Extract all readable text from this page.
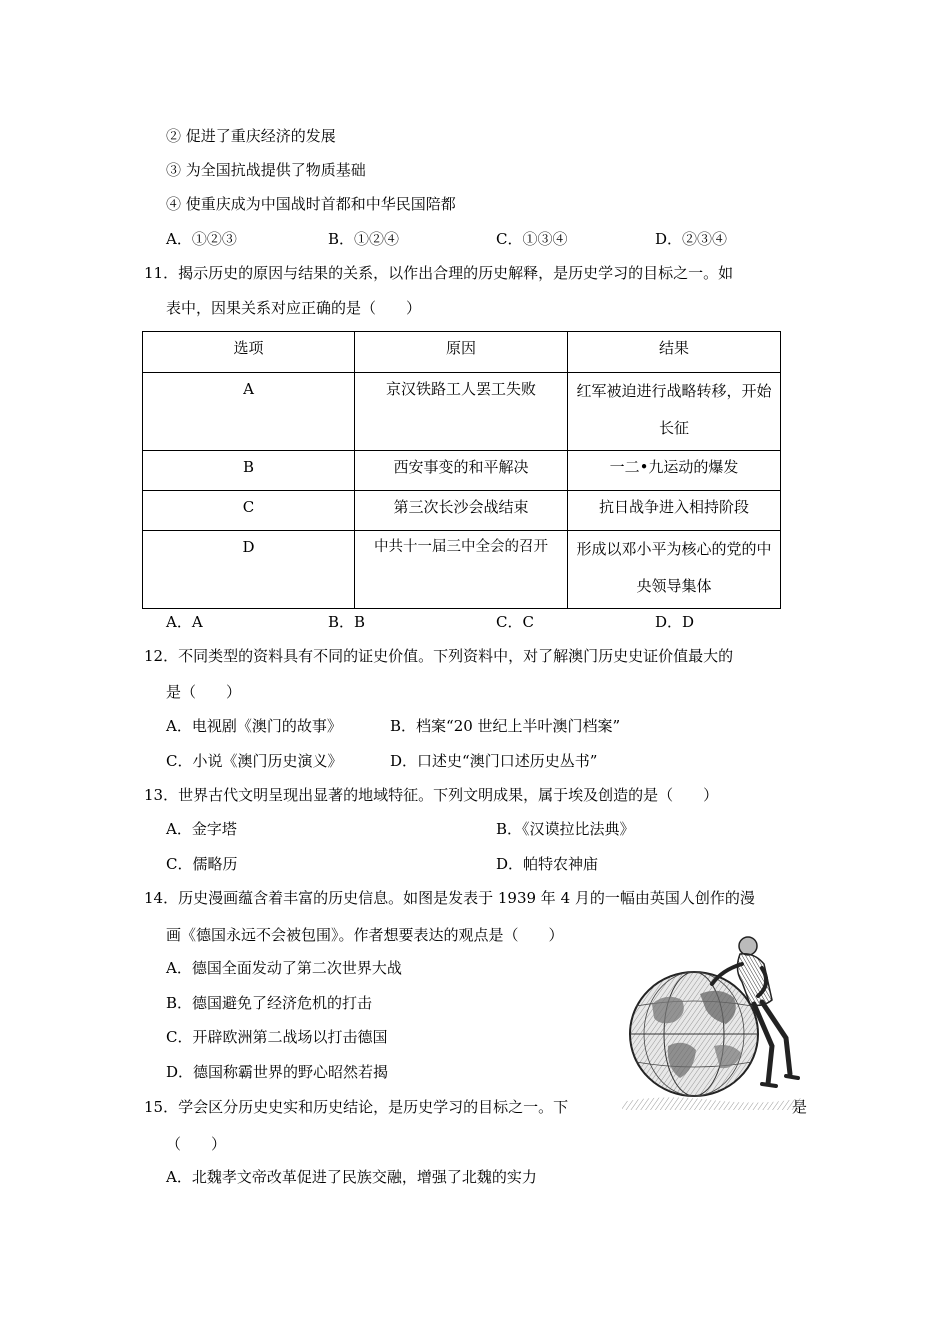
② 促进了重庆经济的发展
③ 为全国抗战提供了物质基础
④ 使重庆成为中国战时首都和中华民国陪都
A．①②③	B．①②④	C．①③④	D．②③④
11．揭示历史的原因与结果的关系，以作出合理的历史解释，是历史学习的目标之一。如
表中，因果关系对应正确的是（　　）
选项	原因	结果
A	京汉铁路工人罢工失败	红军被迫进行战略转移，开始长征
B	西安事变的和平解决	一二•九运动的爆发
C	第三次长沙会战结束	抗日战争进入相持阶段
D	中共十一届三中全会的召开	形成以邓小平为核心的党的中央领导集体
A．A	B．B	C．C	D．D
12．不同类型的资料具有不同的证史价值。下列资料中，对了解澳门历史史证价值最大的
是（　　）
A．电视剧《澳门的故事》	B．档案“20 世纪上半叶澳门档案”
C．小说《澳门历史演义》	D．口述史“澳门口述历史丛书”
13．世界古代文明呈现出显著的地域特征。下列文明成果，属于埃及创造的是（　　）
A．金字塔	B．《汉谟拉比法典》
C．儒略历	D．帕特农神庙
14．历史漫画蕴含着丰富的历史信息。如图是发表于 1939 年 4 月的一幅由英国人创作的漫
画《德国永远不会被包围》。作者想要表达的观点是（　　）
A．德国全面发动了第二次世界大战
B．德国避免了经济危机的打击
C．开辟欧洲第二战场以打击德国
D．德国称霸世界的野心昭然若揭
15．学会区分历史史实和历史结论，是历史学习的目标之一。下	是
（　　）
A．北魏孝文帝改革促进了民族交融，增强了北魏的实力
